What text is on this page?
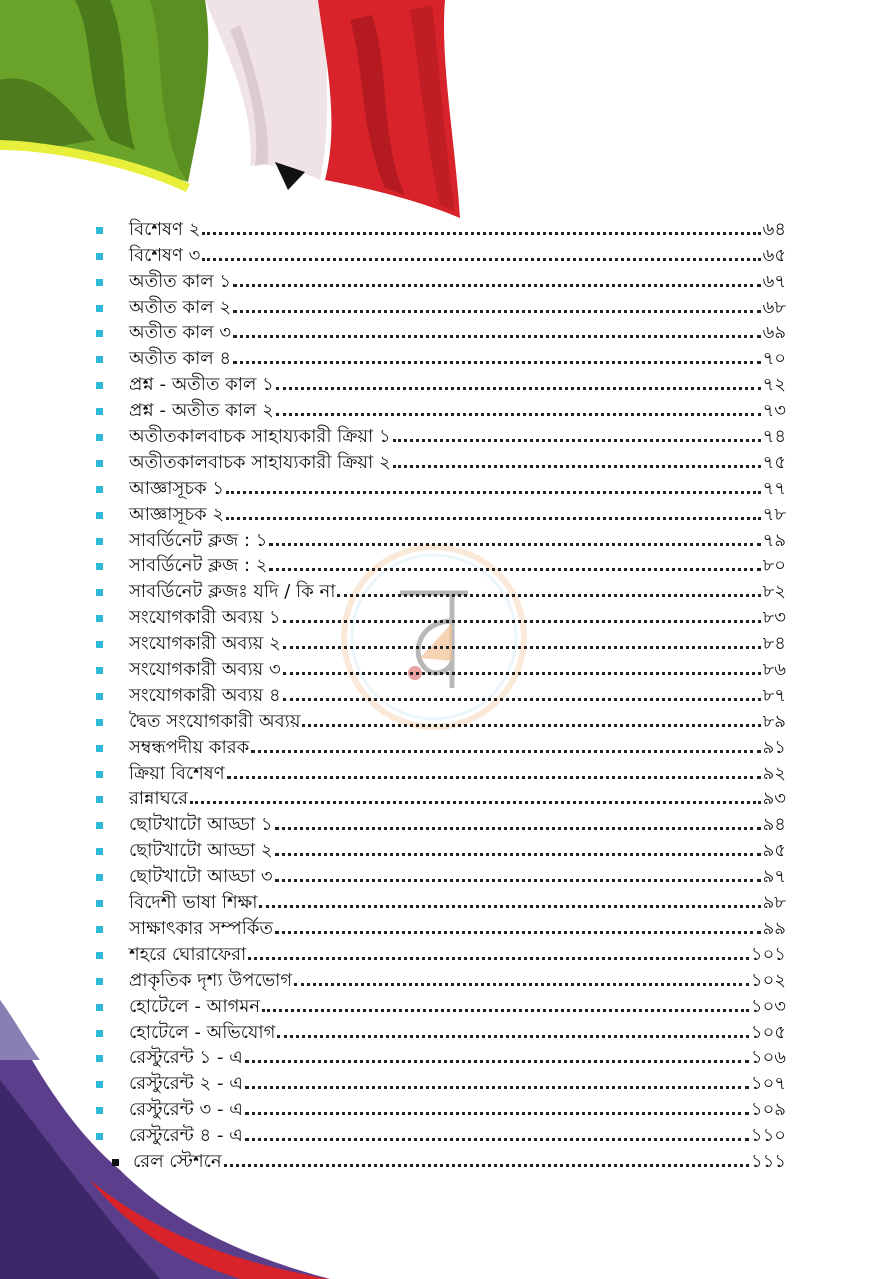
বিশেষণ ২	৬৪
বিশেষণ ৩	৬৫
অতীত কাল ১	৬৭
অতীত কাল ২	৬৮
অতীত কাল ৩	৬৯
অতীত কাল ৪	৭০
প্রশ্ন - অতীত কাল ১	৭২
প্রশ্ন - অতীত কাল ২	৭৩
অতীতকালবাচক সাহায্যকারী ক্রিয়া ১	৭৪
অতীতকালবাচক সাহায্যকারী ক্রিয়া ২	৭৫
আজ্ঞাসূচক ১	৭৭
আজ্ঞাসূচক ২	৭৮
সাবর্ডিনেট ক্লজ : ১	৭৯
সাবর্ডিনেট ক্লজ : ২	৮০
সাবর্ডিনেট ক্লজঃ যদি / কি না	৮২
সংযোগকারী অব্যয় ১	৮৩
সংযোগকারী অব্যয় ২	৮৪
সংযোগকারী অব্যয় ৩	৮৬
সংযোগকারী অব্যয় ৪	৮৭
দ্বৈত সংযোগকারী অব্যয়	৮৯
সম্বন্ধপদীয় কারক	৯১
ক্রিয়া বিশেষণ	৯২
রান্নাঘরে	৯৩
ছোটখাটো আড্ডা ১	৯৪
ছোটখাটো আড্ডা ২	৯৫
ছোটখাটো আড্ডা ৩	৯৭
বিদেশী ভাষা শিক্ষা	৯৮
সাক্ষাৎকার সম্পর্কিত	৯৯
শহরে ঘোরাফেরা	১০১
প্রাকৃতিক দৃশ্য উপভোগ	১০২
হোটেলে - আগমন	১০৩
হোটেলে - অভিযোগ	১০৫
রেস্টুরেন্ট ১ - এ	১০৬
রেস্টুরেন্ট ২ - এ	১০৭
রেস্টুরেন্ট ৩ - এ	১০৯
রেস্টুরেন্ট ৪ - এ	১১০
রেল স্টেশনে	১১১
